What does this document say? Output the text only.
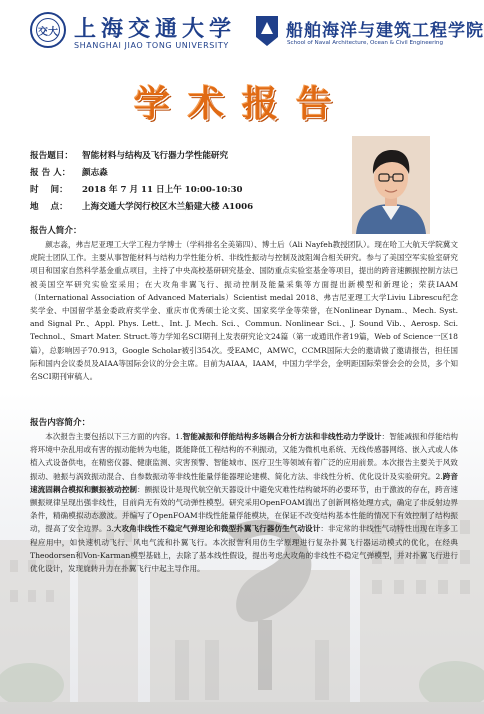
交大 上海交通大学
SHANGHAI JIAO TONG UNIVERSITY
船舶海洋与建筑工程学院
School of Naval Architecture, Ocean & Civil Engineering
学术报告
报告题目：	智能材料与结构及飞行器力学性能研究
报 告 人：	颜志淼
时    间：	2018 年 7 月 11 日上午 10:00-10:30
地    点：	上海交通大学闵行校区木兰船建大楼 A1006
报告人简介：

颜志淼，弗吉尼亚理工大学工程力学博士（学科排名全美第四）、博士后（Ali Nayfeh教授团队）。现在哈工大航天学院冀文虎院士团队工作。主要从事智能材料与结构力学性能分析、非线性振动与控制及波阻竭合相关研究。参与了美国空军实验室研究项目和国家自然科学基金重点项目，主持了中央高校基研研究基金、国防重点实验室基金等项目，提出的跨音速颤振控制方法已被美国空军研究实验室采用；在大攻角非翼飞行、振动控制及能量采集等方面提出新模型和新理论；荣获IAAM（International Association of Advanced Materials）Scientist medal 2018、弗吉尼亚理工大学Liviu Librescu纪念奖学金、中国留学基金委政府奖学金、重庆市优秀硕士论文奖、国家奖学金等荣誉，在Nonlinear Dynam.、Mech. Syst. and Signal Pr.、Appl. Phys. Lett.、Int. J. Mech. Sci.、Commun. Nonlinear Sci.、J. Sound Vib.、Aerosp. Sci. Technol.、Smart Mater. Struct.等力学知名SCI期刊上发表研究论文24篇（第一或通讯作者19篇，Web of Science一区18篇），总影响因子70.913，Google Scholar被引354次。受EAMC，AMWC，CCMR国际大会的邀请做了邀请报告，担任国际和国内会议委员及AIAA等国际会议的分会主席。目前为AIAA，IAAM，中国力学学会，金明距国际荣誉会会的会员，多个知名SCI期刊审稿人。

报告内容简介：

本次报告主要包括以下三方面的内容。1.智能减振和俘能结构多场耦合分析方法和非线性动力学设计：智能减振和俘能结构将环境中杂乱用或有害的振动能转为电能，既能降低工程结构的不利振动，又能为微机电系统、无线传感器网络、嵌入式或人体植入式设备供电，在精密仪器、健康监测、灾害预警、智能城市、医疗卫生等领域有着广泛的应用前景。本次报告主要关于风致振动、驰振与涡致振动混合、自参数振动等非线性能量俘能器理论建模、简化方法、非线性分析、优化设计及实验研究。2.跨音速流固耦合模拟和颤振被动控制：颤振设计是现代航空航天器设计中避免灾难性结构破坏的必要环节，由于激波的存在，跨音速颤振规律呈现出强非线性，目前尚无有效的气动弹性模型。研究采用OpenFOAM湍出了创新网格处理方式，确定了非反射边界条件，精确模拟动态激波。并编写了OpenFOAM非线性能量俘能模块，在保证不改变结构基本性能的情况下有效控制了结构振动，提高了安全边界。3.大攻角非线性不稳定气弹理论和微型扑翼飞行器仿生气动设计：非定常的非线性气动特性出现在许多工程应用中，如快速机动飞行、风电气流和扑翼飞行。本次报告利用仿生学原理进行复杂扑翼飞行器运动模式的优化，在经典Theodorsen和Von-Karman模型基础上，去除了基本线性假设，提出考虑大攻角的非线性不稳定气弹模型，并对扑翼飞行进行优化设计，发现旋转升力在扑翼飞行中起主导作用。
